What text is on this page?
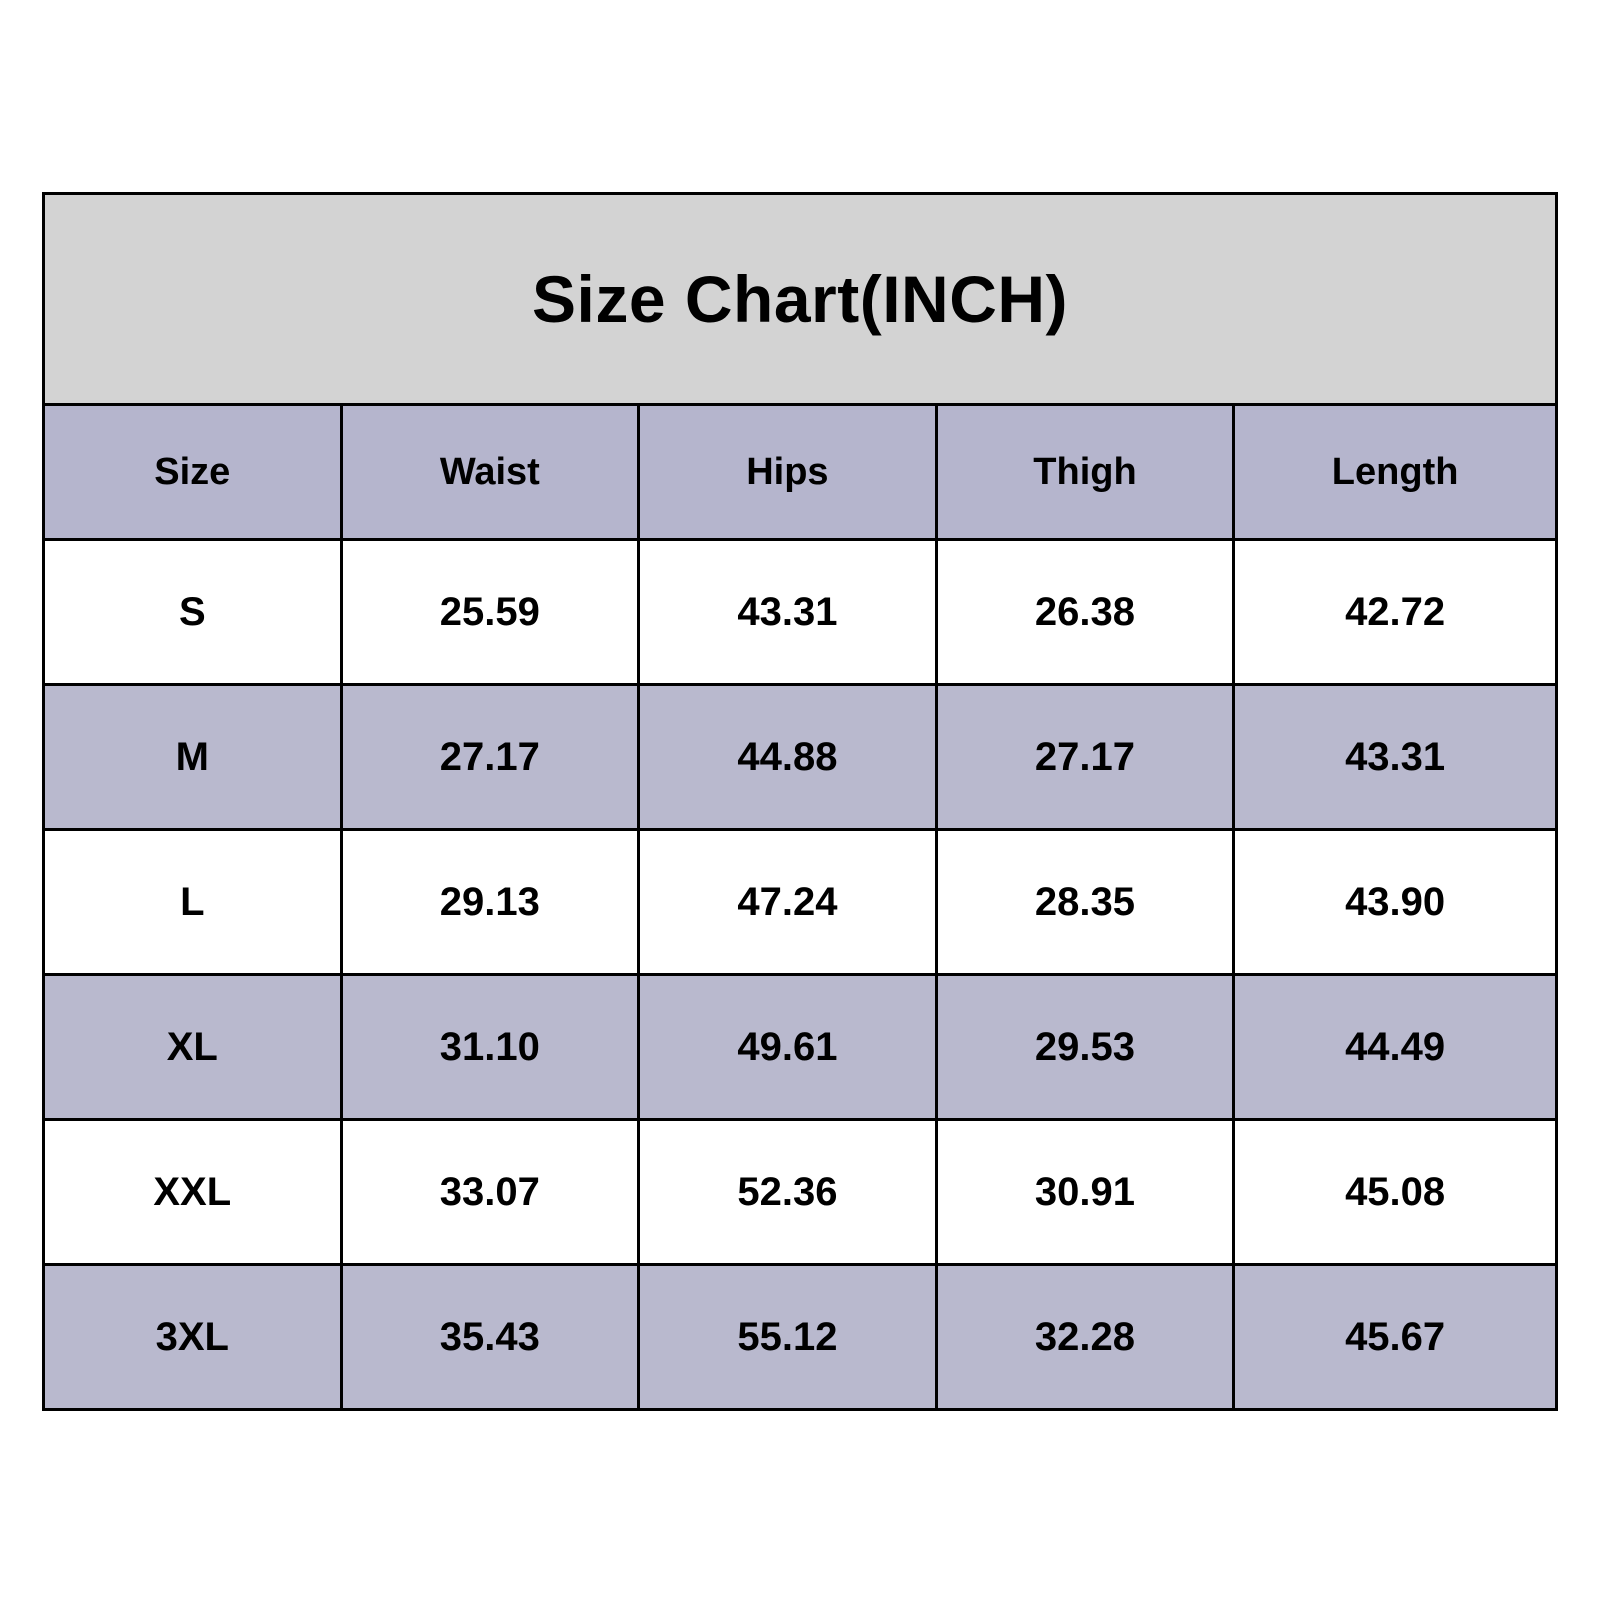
Size Chart(INCH)				
Size	Waist	Hips	Thigh	Length
S	25.59	43.31	26.38	42.72
M	27.17	44.88	27.17	43.31
L	29.13	47.24	28.35	43.90
XL	31.10	49.61	29.53	44.49
XXL	33.07	52.36	30.91	45.08
3XL	35.43	55.12	32.28	45.67
